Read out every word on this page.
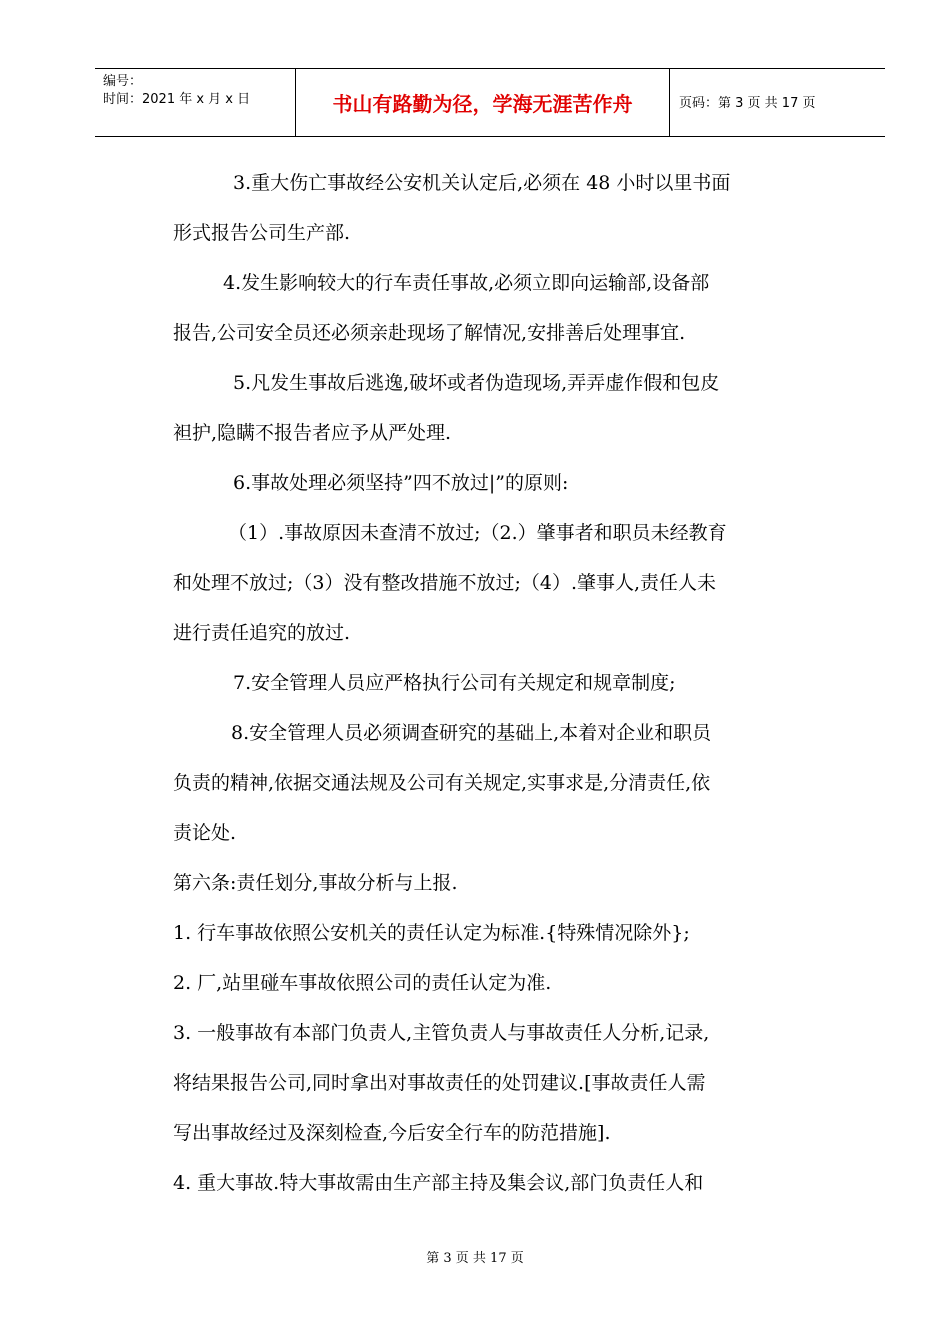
编号：
时间：2021 年 x 月 x 日	书山有路勤为径，学海无涯苦作舟	页码：第 3 页 共 17 页

3.重大伤亡事故经公安机关认定后,必须在 48 小时以里书面

形式报告公司生产部.

4.发生影响较大的行车责任事故,必须立即向运输部,设备部

报告,公司安全员还必须亲赴现场了解情况,安排善后处理事宜.

5.凡发生事故后逃逸,破坏或者伪造现场,弄弄虚作假和包皮

袒护,隐瞒不报告者应予从严处理.

6.事故处理必须坚持”四不放过|”的原则:

（1）.事故原因未查清不放过;（2.）肇事者和职员未经教育

和处理不放过;（3）没有整改措施不放过;（4）.肇事人,责任人未

进行责任追究的放过.

7.安全管理人员应严格执行公司有关规定和规章制度;

8.安全管理人员必须调查研究的基础上,本着对企业和职员

负责的精神,依据交通法规及公司有关规定,实事求是,分清责任,依

责论处.

第六条:责任划分,事故分析与上报.

1. 行车事故依照公安机关的责任认定为标准.{特殊情况除外};

2. 厂,站里碰车事故依照公司的责任认定为准.

3. 一般事故有本部门负责人,主管负责人与事故责任人分析,记录,

将结果报告公司,同时拿出对事故责任的处罚建议.[事故责任人需

写出事故经过及深刻检查,今后安全行车的防范措施].

4. 重大事故.特大事故需由生产部主持及集会议,部门负责任人和

第 3 页 共 17 页
